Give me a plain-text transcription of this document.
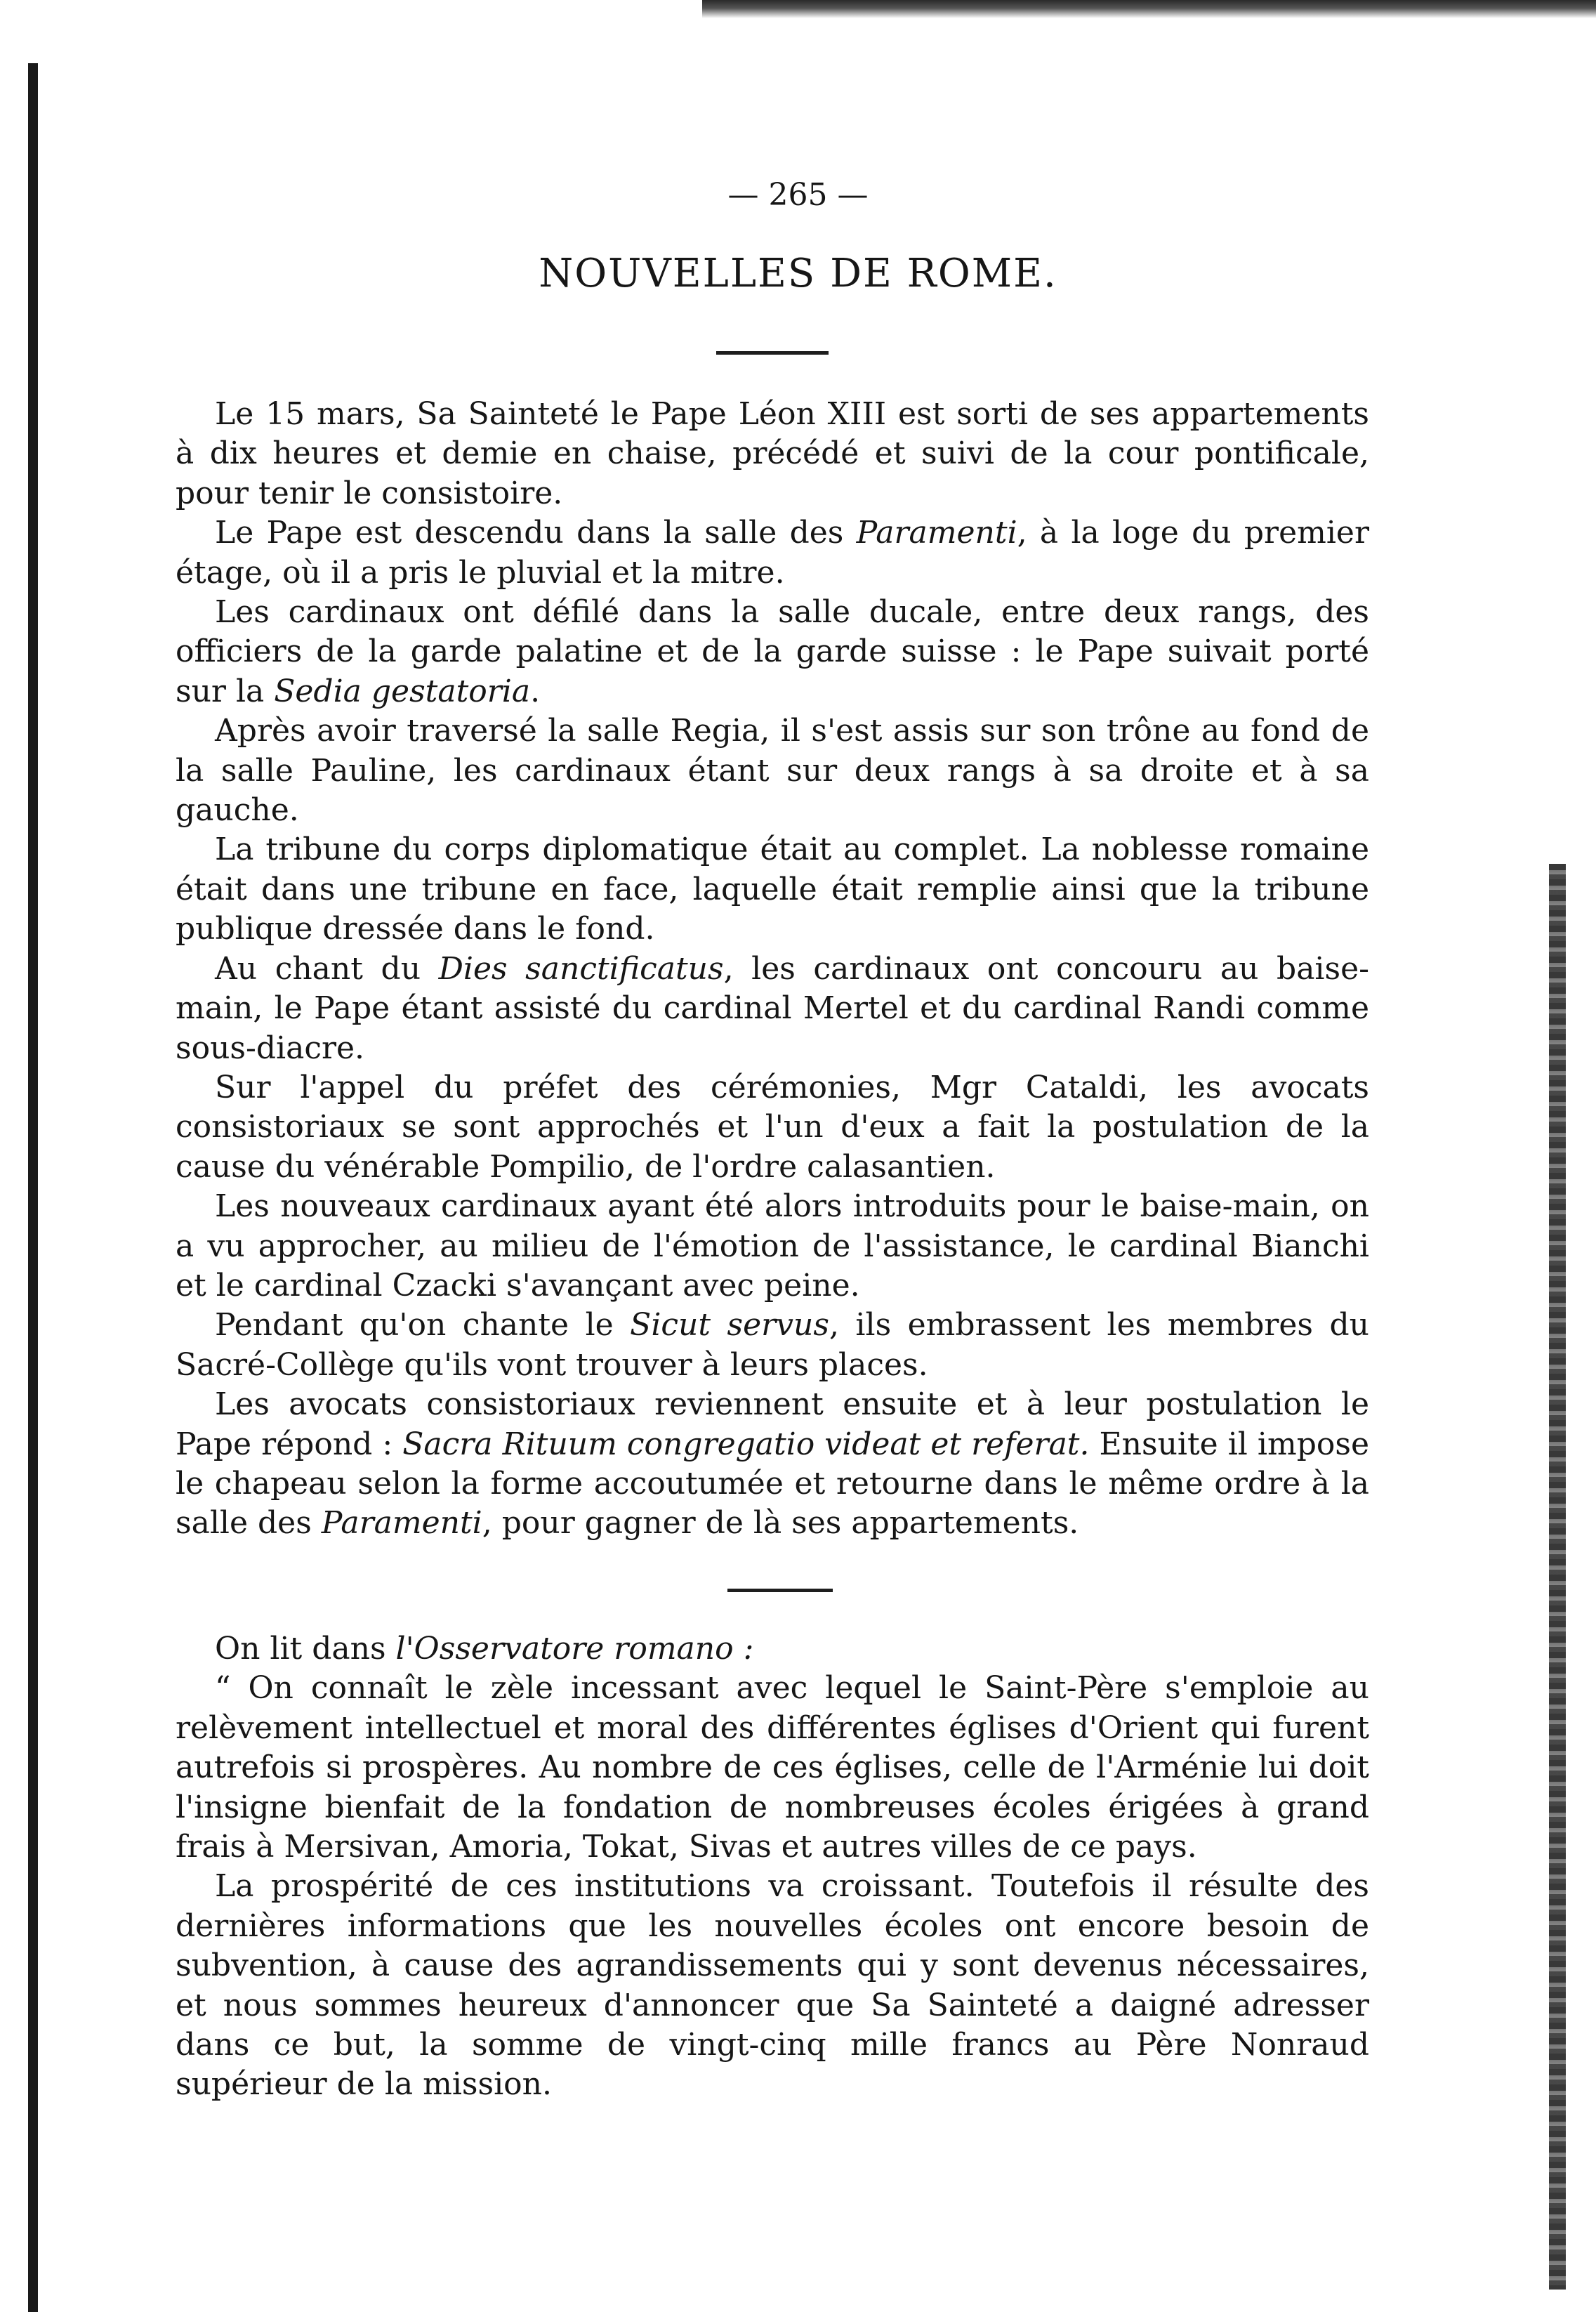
— 265 —
NOUVELLES DE ROME.

Le 15 mars, Sa Sainteté le Pape Léon XIII est sorti de ses appartements à dix heures et demie en chaise, précédé et suivi de la cour pontificale, pour tenir le consistoire.

Le Pape est descendu dans la salle des Paramenti, à la loge du premier étage, où il a pris le pluvial et la mitre.

Les cardinaux ont défilé dans la salle ducale, entre deux rangs, des officiers de la garde palatine et de la garde suisse : le Pape suivait porté sur la Sedia gestatoria.

Après avoir traversé la salle Regia, il s'est assis sur son trône au fond de la salle Pauline, les cardinaux étant sur deux rangs à sa droite et à sa gauche.

La tribune du corps diplomatique était au complet. La noblesse romaine était dans une tribune en face, laquelle était remplie ainsi que la tribune publique dressée dans le fond.

Au chant du Dies sanctificatus, les cardinaux ont concouru au baise-main, le Pape étant assisté du cardinal Mertel et du cardinal Randi comme sous-diacre.

Sur l'appel du préfet des cérémonies, Mgr Cataldi, les avocats consistoriaux se sont approchés et l'un d'eux a fait la postulation de la cause du vénérable Pompilio, de l'ordre calasantien.

Les nouveaux cardinaux ayant été alors introduits pour le baise-main, on a vu approcher, au milieu de l'émotion de l'assistance, le cardinal Bianchi et le cardinal Czacki s'avançant avec peine.

Pendant qu'on chante le Sicut servus, ils embrassent les membres du Sacré-Collège qu'ils vont trouver à leurs places.

Les avocats consistoriaux reviennent ensuite et à leur postulation le Pape répond : Sacra Rituum congregatio videat et referat. Ensuite il impose le chapeau selon la forme accoutumée et retourne dans le même ordre à la salle des Paramenti, pour gagner de là ses appartements.

On lit dans l'Osservatore romano :

“ On connaît le zèle incessant avec lequel le Saint-Père s'emploie au relèvement intellectuel et moral des différentes églises d'Orient qui furent autrefois si prospères. Au nombre de ces églises, celle de l'Arménie lui doit l'insigne bienfait de la fondation de nombreuses écoles érigées à grand frais à Mersivan, Amoria, Tokat, Sivas et autres villes de ce pays.

La prospérité de ces institutions va croissant. Toutefois il résulte des dernières informations que les nouvelles écoles ont encore besoin de subvention, à cause des agrandissements qui y sont devenus nécessaires, et nous sommes heureux d'annoncer que Sa Sainteté a daigné adresser dans ce but, la somme de vingt-cinq mille francs au Père Nonraud supérieur de la mission.
